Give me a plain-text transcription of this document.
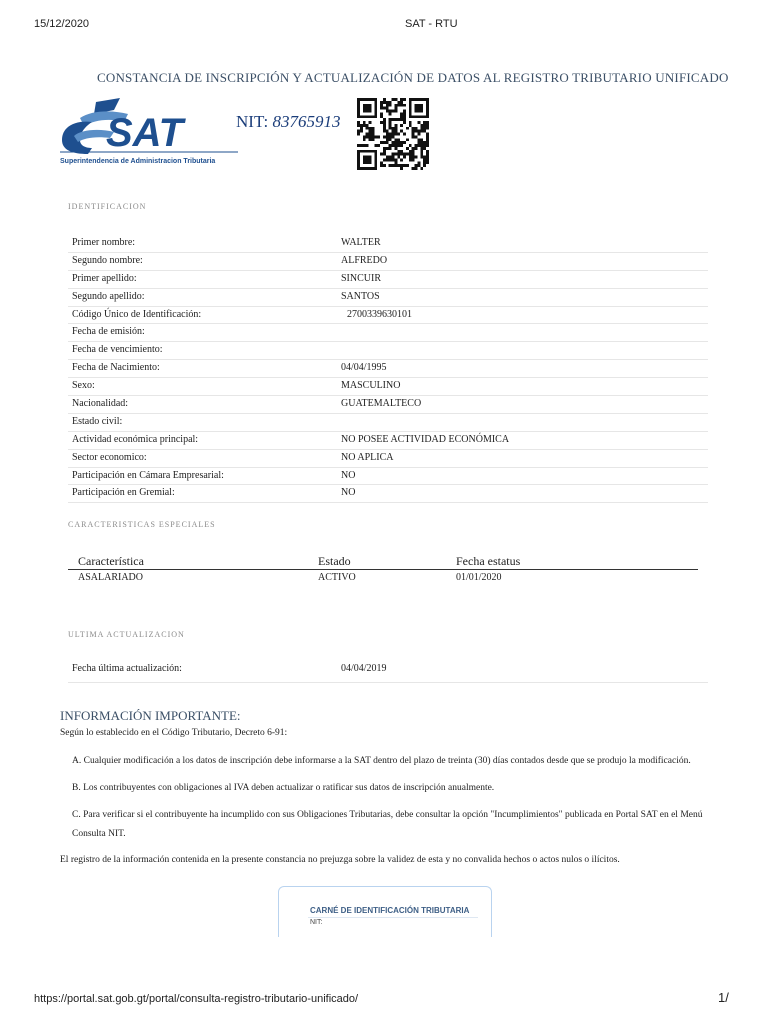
15/12/2020	SAT - RTU
CONSTANCIA DE INSCRIPCIÓN Y ACTUALIZACIÓN DE DATOS AL REGISTRO TRIBUTARIO UNIFICADO
SAT
Superintendencia de Administracion Tributaria
NIT: 83765913
IDENTIFICACION
Primer nombre:	WALTER
Segundo nombre:	ALFREDO
Primer apellido:	SINCUIR
Segundo apellido:	SANTOS
Código Único de Identificación:	2700339630101
Fecha de emisión:
Fecha de vencimiento:
Fecha de Nacimiento:	04/04/1995
Sexo:	MASCULINO
Nacionalidad:	GUATEMALTECO
Estado civil:
Actividad económica principal:	NO POSEE ACTIVIDAD ECONÓMICA
Sector economico:	NO APLICA
Participación en Cámara Empresarial:	NO
Participación en Gremial:	NO
CARACTERISTICAS ESPECIALES
Característica	Estado	Fecha estatus
ASALARIADO	ACTIVO	01/01/2020
ULTIMA ACTUALIZACION
Fecha última actualización:	04/04/2019
INFORMACIÓN IMPORTANTE:
Según lo establecido en el Código Tributario, Decreto 6-91:
A. Cualquier modificación a los datos de inscripción debe informarse a la SAT dentro del plazo de treinta (30) días contados desde que se produjo la modificación.
B. Los contribuyentes con obligaciones al IVA deben actualizar o ratificar sus datos de inscripción anualmente.
C. Para verificar si el contribuyente ha incumplido con sus Obligaciones Tributarias, debe consultar la opción "Incumplimientos" publicada en Portal SAT en el Menú
Consulta NIT.
El registro de la información contenida en la presente constancia no prejuzga sobre la validez de esta y no convalida hechos o actos nulos o ilícitos.
CARNÉ DE IDENTIFICACIÓN TRIBUTARIA
NIT:
https://portal.sat.gob.gt/portal/consulta-registro-tributario-unificado/	1/
